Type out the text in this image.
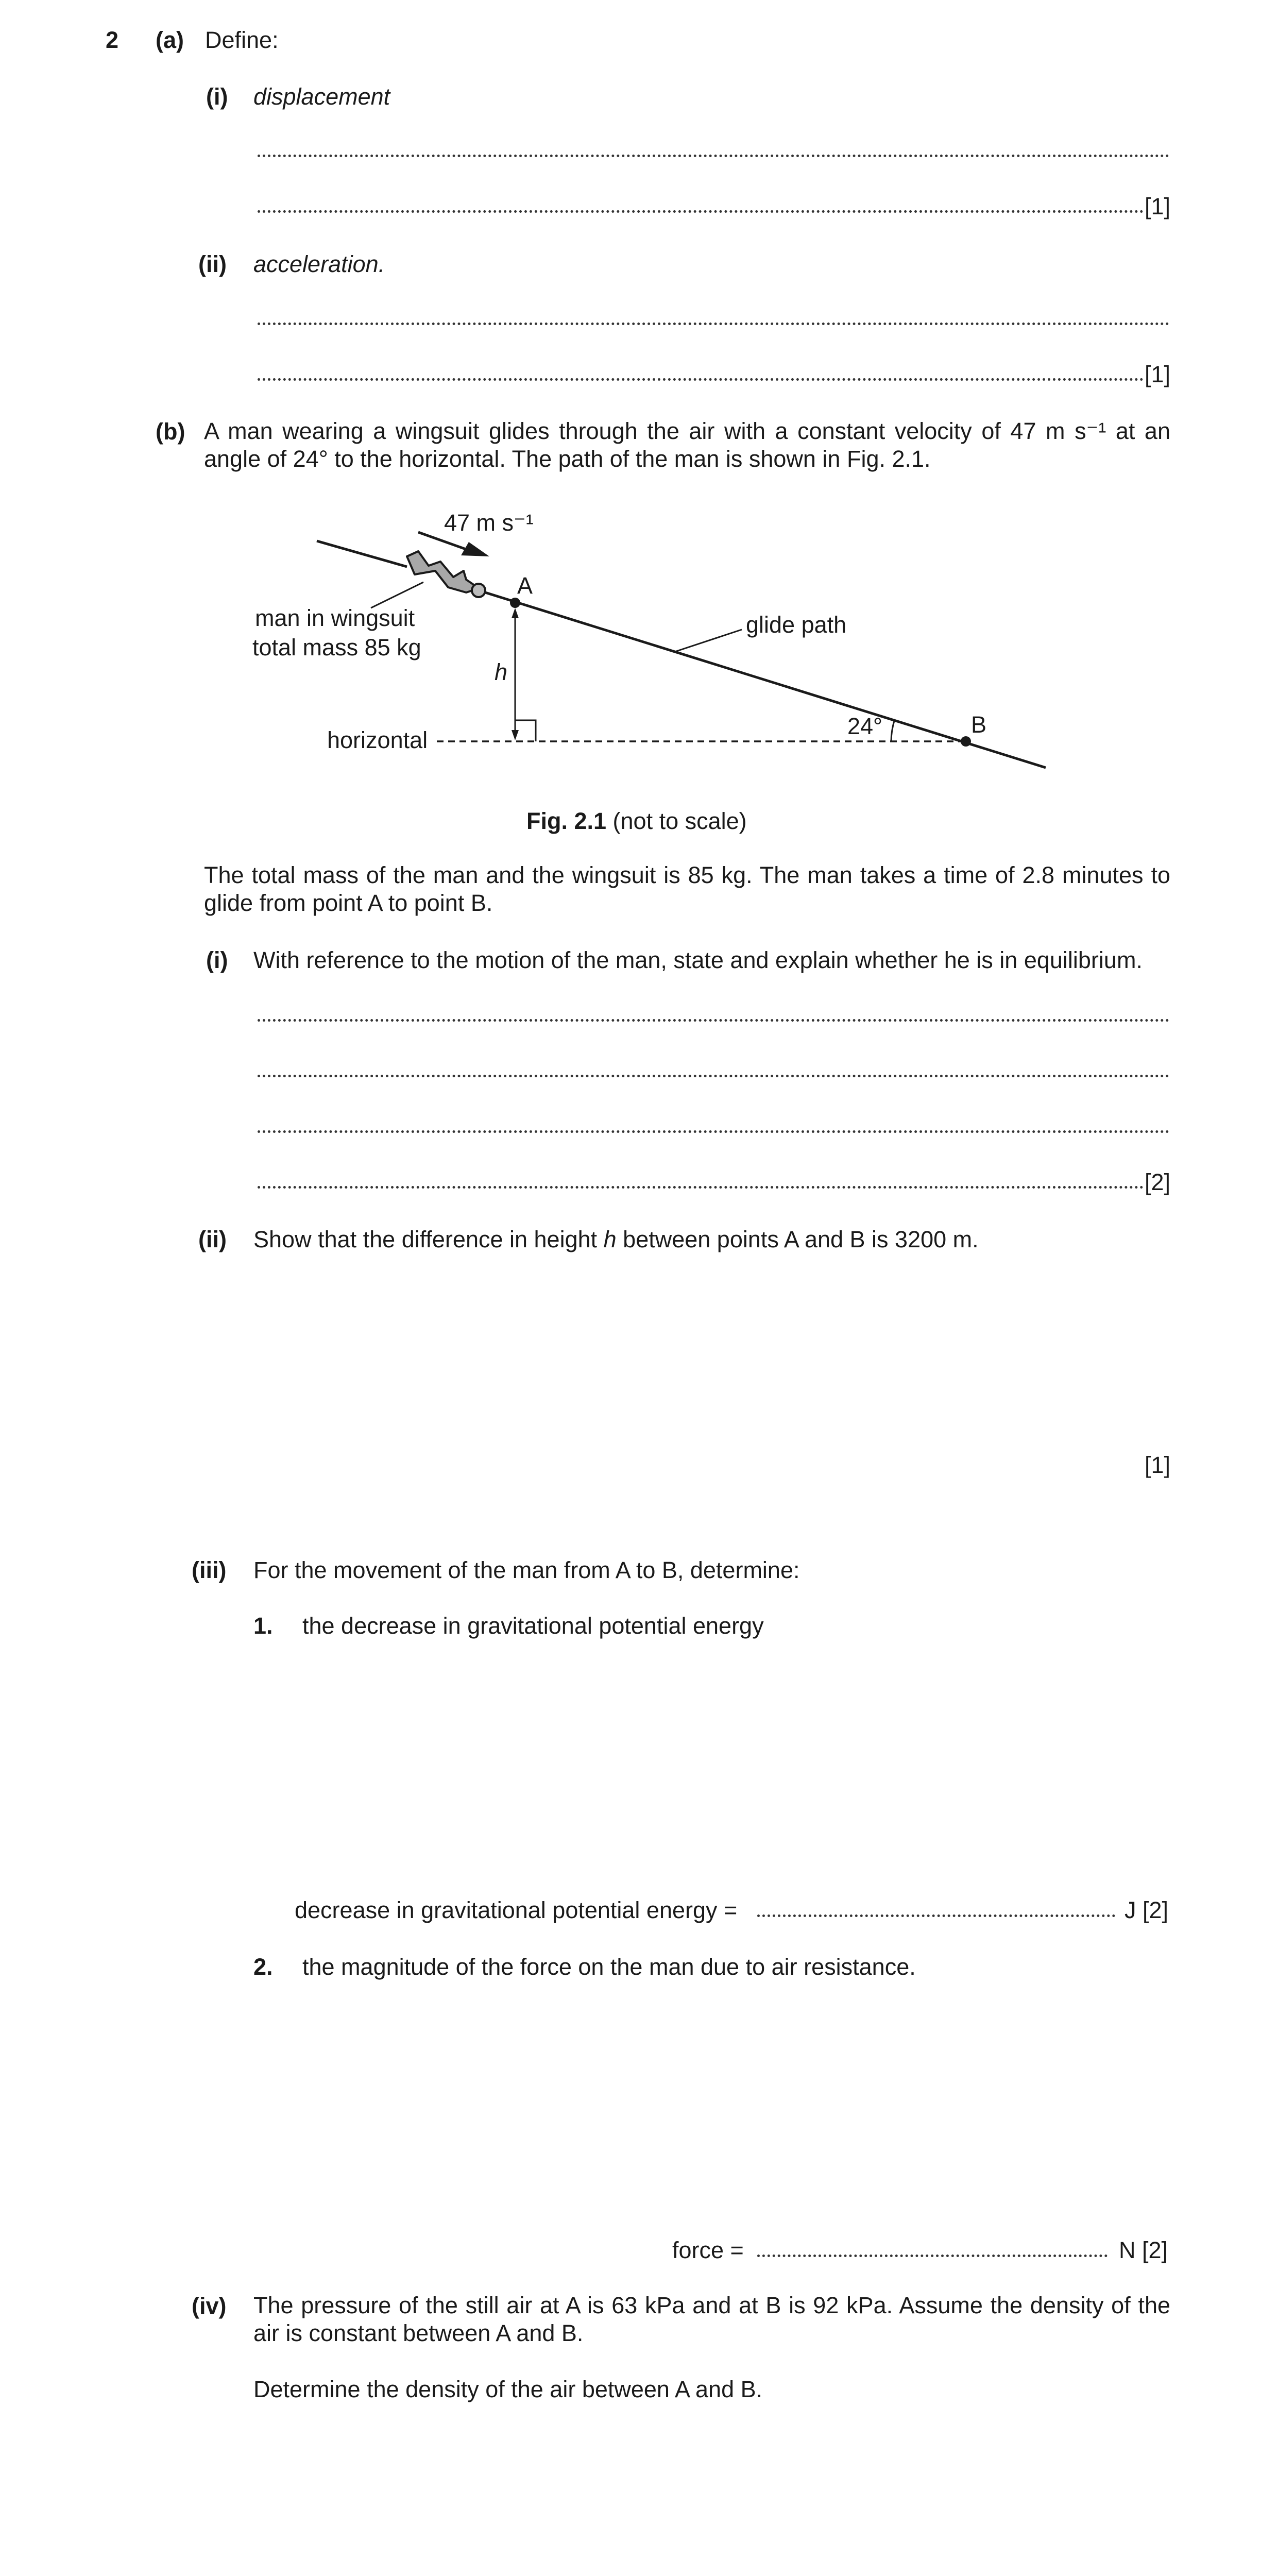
2 (a) Define:
(i) displacement
[1]
(ii) acceleration.
[1]
(b) A man wearing a wingsuit glides through the air with a constant velocity of 47 m s⁻¹ at an angle of 24° to the horizontal. The path of the man is shown in Fig. 2.1.
47 m s⁻¹
A
man in wingsuit
total mass 85 kg
h
horizontal
glide path
24°	B
Fig. 2.1 (not to scale)
The total mass of the man and the wingsuit is 85 kg. The man takes a time of 2.8 minutes to glide from point A to point B.
(i) With reference to the motion of the man, state and explain whether he is in equilibrium.
[2]
(ii) Show that the difference in height h between points A and B is 3200 m.
[1]
(iii) For the movement of the man from A to B, determine:
1. the decrease in gravitational potential energy
decrease in gravitational potential energy =	J [2]
2. the magnitude of the force on the man due to air resistance.
force =	N [2]
(iv) The pressure of the still air at A is 63 kPa and at B is 92 kPa. Assume the density of the air is constant between A and B.
Determine the density of the air between A and B.
